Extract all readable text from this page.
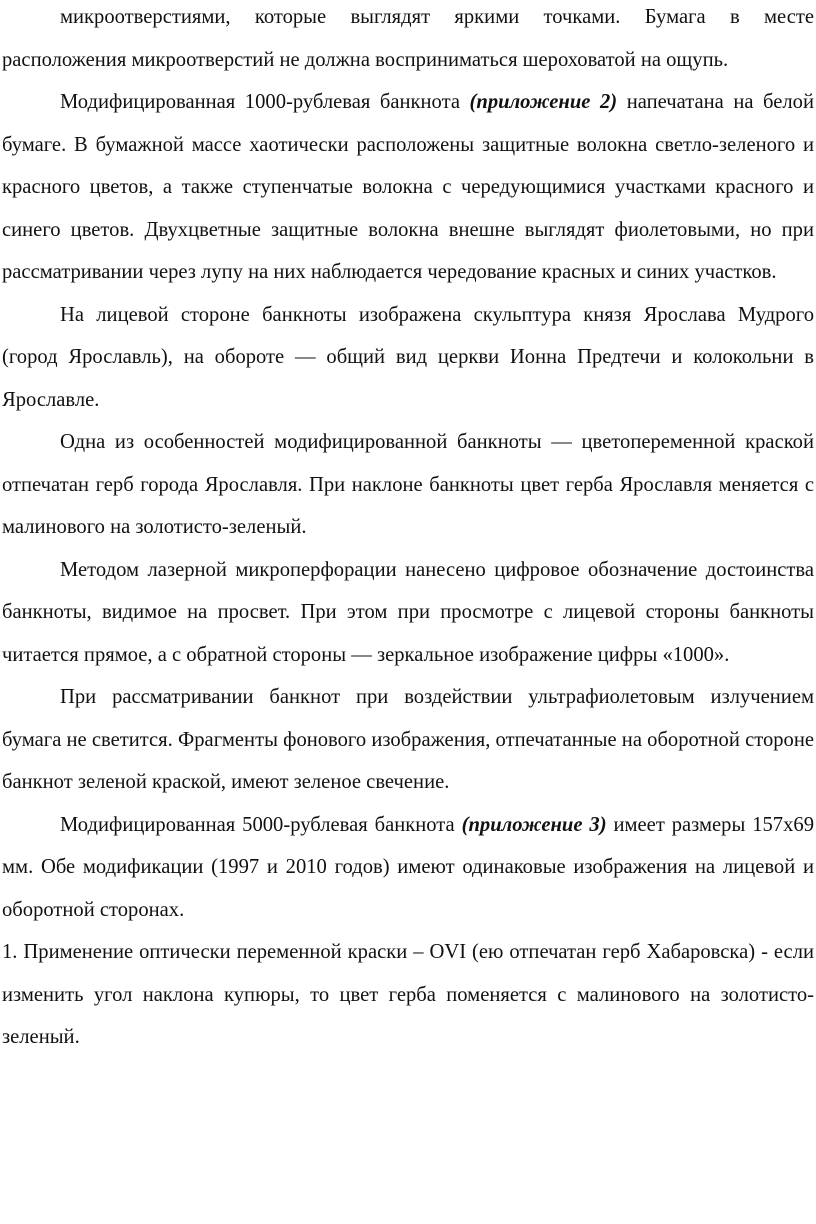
микроотверстиями, которые выглядят яркими точками. Бумага в месте

расположения микроотверстий не должна восприниматься шероховатой на ощупь.

Модифицированная 1000-рублевая банкнота (приложение 2) напечатана на белой бумаге. В бумажной массе хаотически расположены защитные волокна светло-зеленого и красного цветов, а также ступенчатые волокна с чередующимися участками красного и синего цветов. Двухцветные защитные волокна внешне выглядят фиолетовыми, но при рассматривании через лупу на них наблюдается чередование красных и синих участков.

На лицевой стороне банкноты изображена скульптура князя Ярослава Мудрого (город Ярославль), на обороте — общий вид церкви Ионна Предтечи и колокольни в Ярославле.

Одна из особенностей модифицированной банкноты — цветопеременной краской отпечатан герб города Ярославля. При наклоне банкноты цвет герба Ярославля меняется с малинового на золотисто-зеленый.

Методом лазерной микроперфорации нанесено цифровое обозначение достоинства банкноты, видимое на просвет. При этом при просмотре с лицевой стороны банкноты читается прямое, а с обратной стороны — зеркальное изображение цифры «1000».

При рассматривании банкнот при воздействии ультрафиолетовым излучением бумага не светится. Фрагменты фонового изображения, отпечатанные на оборотной стороне банкнот зеленой краской, имеют зеленое свечение.

Модифицированная 5000-рублевая банкнота (приложение 3) имеет размеры 157х69 мм. Обе модификации (1997 и 2010 годов) имеют одинаковые изображения на лицевой и оборотной сторонах.

1. Применение оптически переменной краски – OVI (ею отпечатан герб Хабаровска) - если изменить угол наклона купюры, то цвет герба поменяется с малинового на золотисто-зеленый.
